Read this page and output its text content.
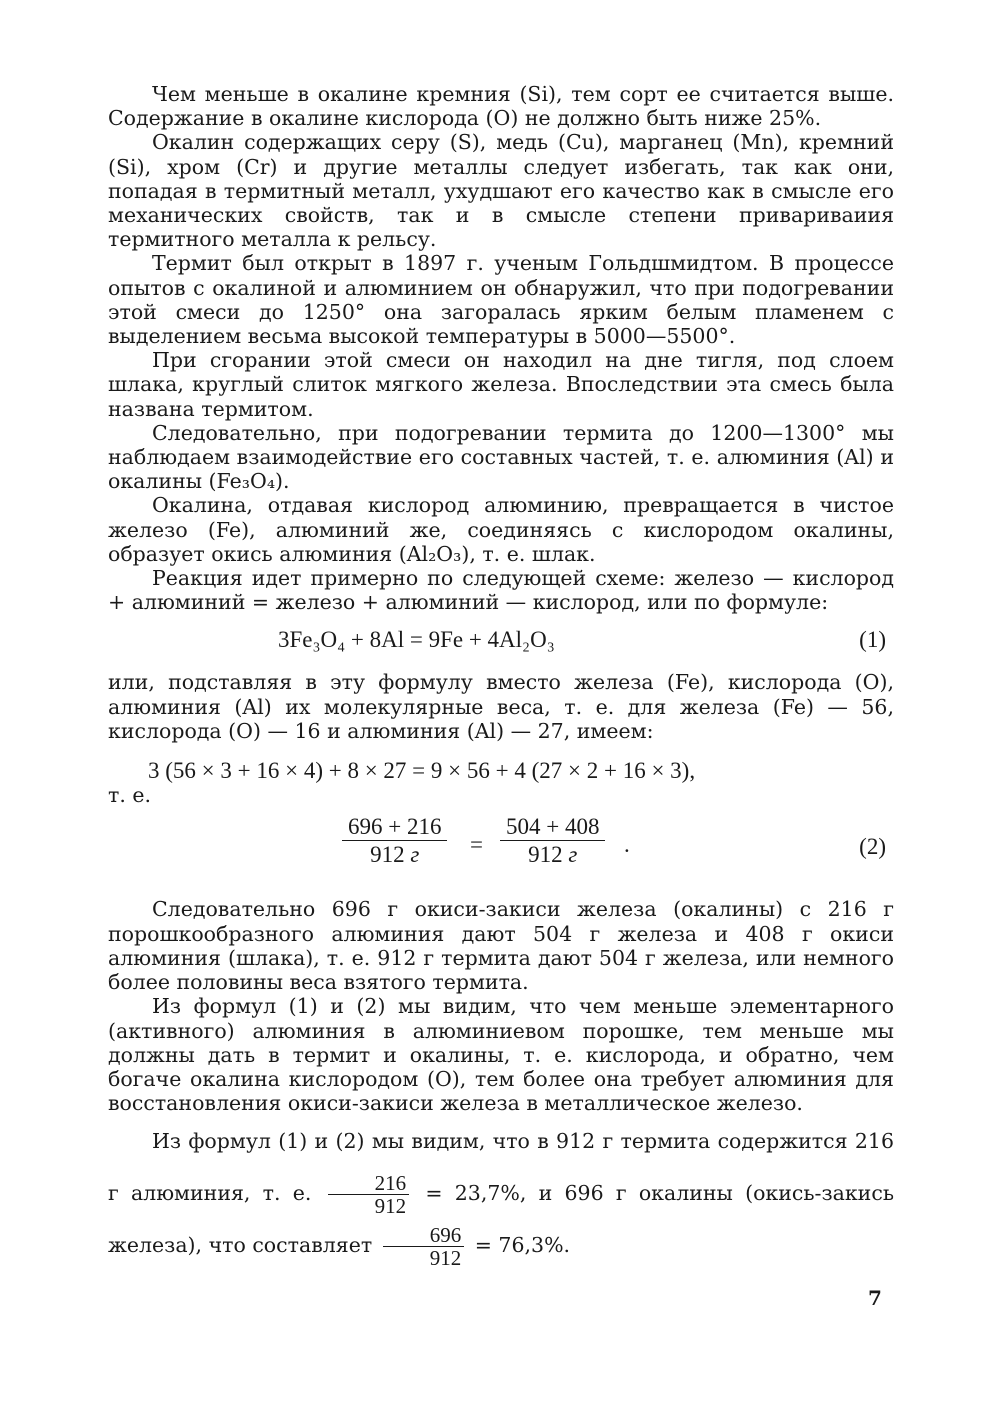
Чем меньше в окалине кремния (Si), тем сорт ее считается выше. Содержание в окалине кислорода (О) не должно быть ниже 25%.

Окалин содержащих серу (S), медь (Cu), марганец (Mn), кремний (Si), хром (Cr) и другие металлы следует избегать, так как они, попадая в термитный металл, ухудшают его качество как в смысле его механических свойств, так и в смысле степени привариваиия термитного металла к рельсу.

Термит был открыт в 1897 г. ученым Гольдшмидтом. В процессе опытов с окалиной и алюминием он обнаружил, что при подогревании этой смеси до 1250° она загоралась ярким белым пламенем с выделением весьма высокой температуры в 5000—5500°.

При сгорании этой смеси он находил на дне тигля, под слоем шлака, круглый слиток мягкого железа. Впоследствии эта смесь была названа термитом.

Следовательно, при подогревании термита до 1200—1300° мы наблюдаем взаимодействие его составных частей, т. е. алюминия (Al) и окалины (Fe₃O₄).

Окалина, отдавая кислород алюминию, превращается в чистое железо (Fe), алюминий же, соединяясь с кислородом окалины, образует окись алюминия (Al₂O₃), т. е. шлак.

Реакция идет примерно по следующей схеме: железо — кислород + алюминий = железо + алюминий — кислород, или по формуле:

3Fe₃O₄ + 8Al = 9Fe + 4Al₂O₃	(1)

или, подставляя в эту формулу вместо железа (Fe), кислорода (О), алюминия (Al) их молекулярные веса, т. е. для железа (Fe) — 56, кислорода (О) — 16 и алюминия (Al) — 27, имеем:

3 (56 × 3 + 16 × 4) + 8 × 27 = 9 × 56 + 4 (27 × 2 + 16 × 3),
т. е.
696 + 216
912 г =
504 + 408
912 г .	(2)

Следовательно 696 г окиси-закиси железа (окалины) с 216 г порошкообразного алюминия дают 504 г железа и 408 г окиси алюминия (шлака), т. е. 912 г термита дают 504 г железа, или немного более половины веса взятого термита.

Из формул (1) и (2) мы видим, что чем меньше элементарного (активного) алюминия в алюминиевом порошке, тем меньше мы должны дать в термит и окалины, т. е. кислорода, и обратно, чем богаче окалина кислородом (О), тем более она требует алюминия для восстановления окиси-закиси железа в металлическое железо.

Из формул (1) и (2) мы видим, что в 912 г термита содержится 216 г алюминия, т. е. $\frac{216}{912} = 23,7\%$, и 696 г окалины (окись-закись железа), что составляет $\frac{696}{912} = 76,3\%$.

7
